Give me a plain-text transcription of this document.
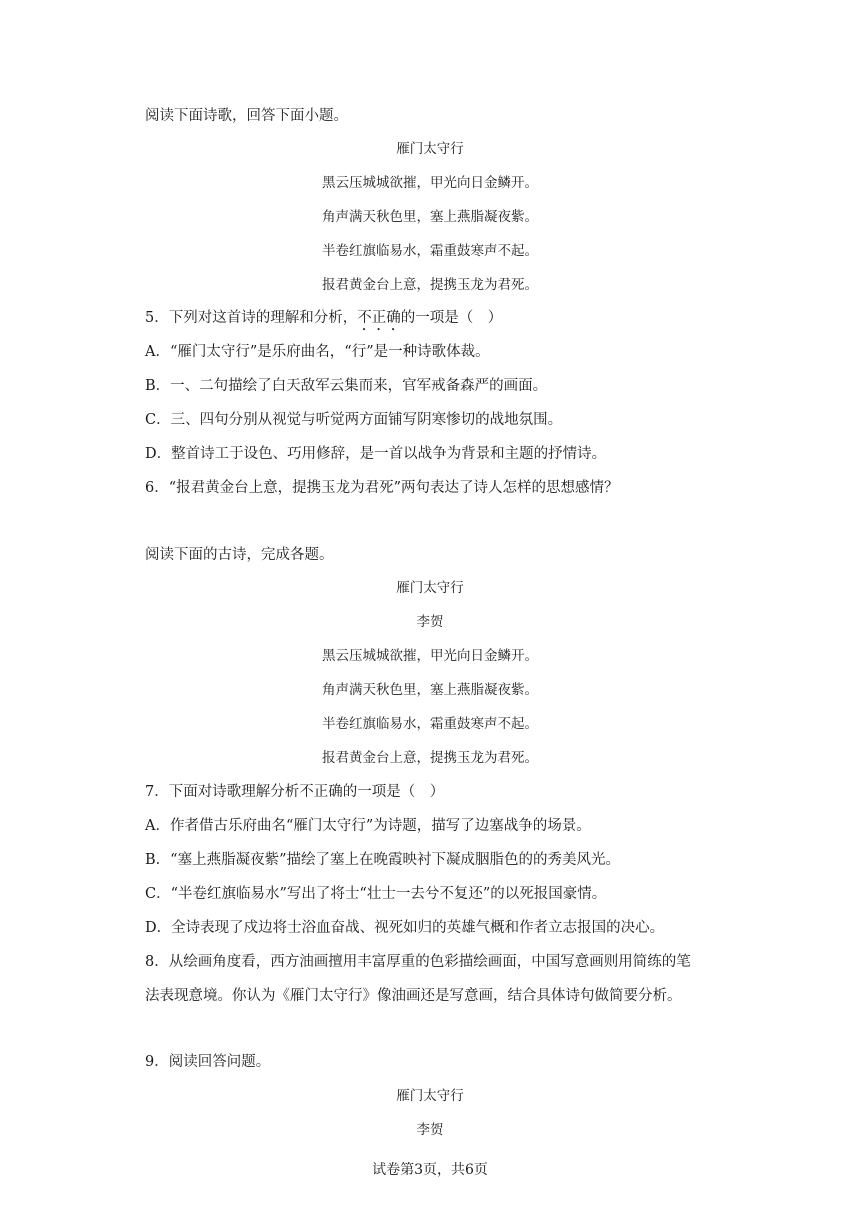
阅读下面诗歌，回答下面小题。
雁门太守行
黑云压城城欲摧，甲光向日金鳞开。
角声满天秋色里，塞上燕脂凝夜紫。
半卷红旗临易水，霜重鼓寒声不起。
报君黄金台上意，提携玉龙为君死。
5．下列对这首诗的理解和分析，不正确的一项是（　）
A．“雁门太守行”是乐府曲名，“行”是一种诗歌体裁。
B．一、二句描绘了白天敌军云集而来，官军戒备森严的画面。
C．三、四句分别从视觉与听觉两方面铺写阴寒惨切的战地氛围。
D．整首诗工于设色、巧用修辞，是一首以战争为背景和主题的抒情诗。
6．“报君黄金台上意，提携玉龙为君死”两句表达了诗人怎样的思想感情？
阅读下面的古诗，完成各题。
雁门太守行
李贺
黑云压城城欲摧，甲光向日金鳞开。
角声满天秋色里，塞上燕脂凝夜紫。
半卷红旗临易水，霜重鼓寒声不起。
报君黄金台上意，提携玉龙为君死。
7．下面对诗歌理解分析不正确的一项是（　）
A．作者借古乐府曲名“雁门太守行”为诗题，描写了边塞战争的场景。
B．“塞上燕脂凝夜紫”描绘了塞上在晚霞映衬下凝成胭脂色的的秀美风光。
C．“半卷红旗临易水”写出了将士“壮士一去兮不复还”的以死报国豪情。
D．全诗表现了戍边将士浴血奋战、视死如归的英雄气概和作者立志报国的决心。
8．从绘画角度看，西方油画擅用丰富厚重的色彩描绘画面，中国写意画则用简练的笔
法表现意境。你认为《雁门太守行》像油画还是写意画，结合具体诗句做简要分析。
9．阅读回答问题。
雁门太守行
李贺
试卷第3页，共6页
